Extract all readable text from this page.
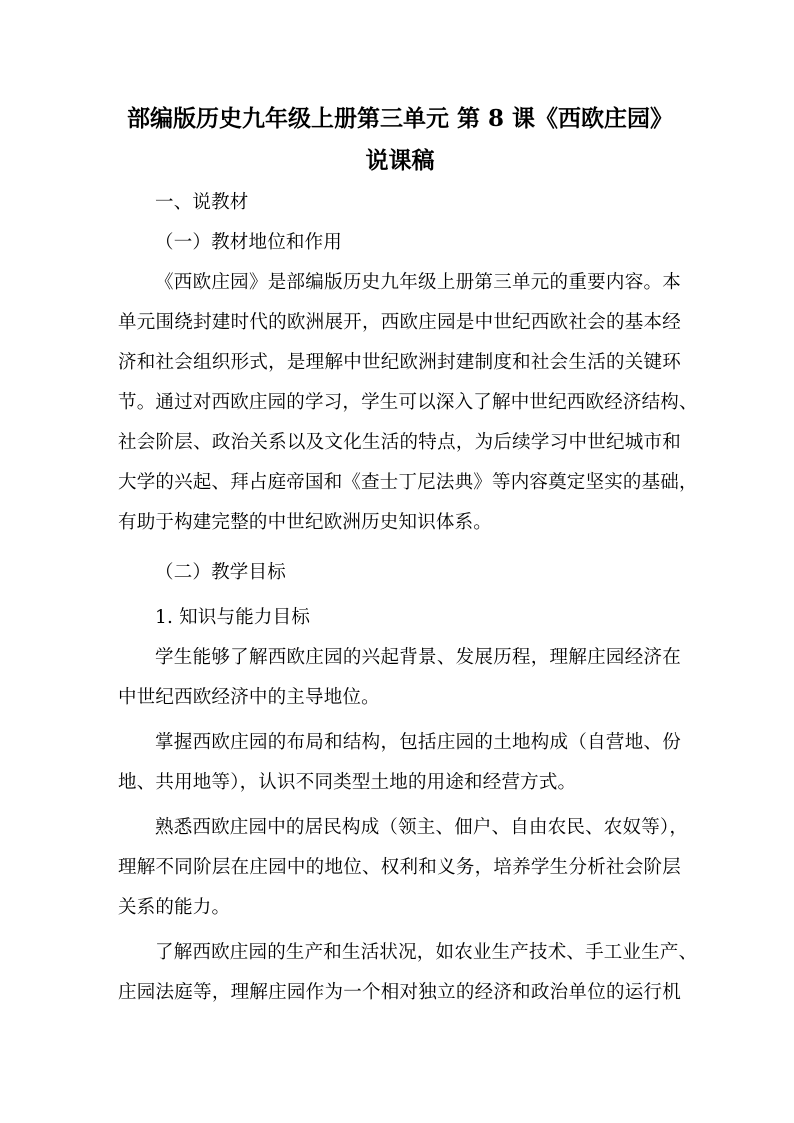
部编版历史九年级上册第三单元 第 8 课《西欧庄园》
说课稿
一、说教材
（一）教材地位和作用
《西欧庄园》是部编版历史九年级上册第三单元的重要内容。本
单元围绕封建时代的欧洲展开，西欧庄园是中世纪西欧社会的基本经
济和社会组织形式，是理解中世纪欧洲封建制度和社会生活的关键环
节。通过对西欧庄园的学习，学生可以深入了解中世纪西欧经济结构、
社会阶层、政治关系以及文化生活的特点，为后续学习中世纪城市和
大学的兴起、拜占庭帝国和《查士丁尼法典》等内容奠定坚实的基础，
有助于构建完整的中世纪欧洲历史知识体系。
（二）教学目标
1. 知识与能力目标
学生能够了解西欧庄园的兴起背景、发展历程，理解庄园经济在
中世纪西欧经济中的主导地位。
掌握西欧庄园的布局和结构，包括庄园的土地构成（自营地、份
地、共用地等），认识不同类型土地的用途和经营方式。
熟悉西欧庄园中的居民构成（领主、佃户、自由农民、农奴等），
理解不同阶层在庄园中的地位、权利和义务，培养学生分析社会阶层
关系的能力。
了解西欧庄园的生产和生活状况，如农业生产技术、手工业生产、
庄园法庭等，理解庄园作为一个相对独立的经济和政治单位的运行机
